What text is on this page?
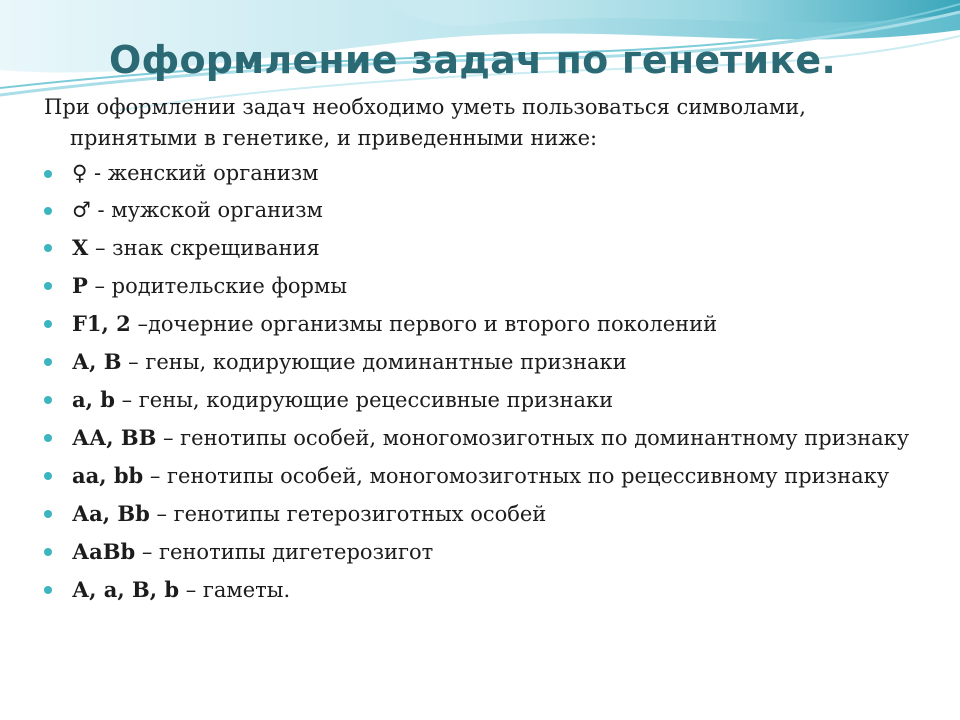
Оформление задач по генетике.

При оформлении задач необходимо уметь пользоваться символами, принятыми в генетике, и приведенными ниже:

♀ - женский организм
♂ - мужской организм
Х – знак скрещивания
Р – родительские формы
F1, 2 –дочерние организмы первого и второго поколений
А, В – гены, кодирующие доминантные признаки
а, b – гены, кодирующие рецессивные признаки
АА, ВВ – генотипы особей, моногомозиготных по доминантному признаку
аа, bb – генотипы особей, моногомозиготных по рецессивному признаку
Аа, Вb – генотипы гетерозиготных особей
АаВb – генотипы дигетерозигот
А, а, В, b – гаметы.
